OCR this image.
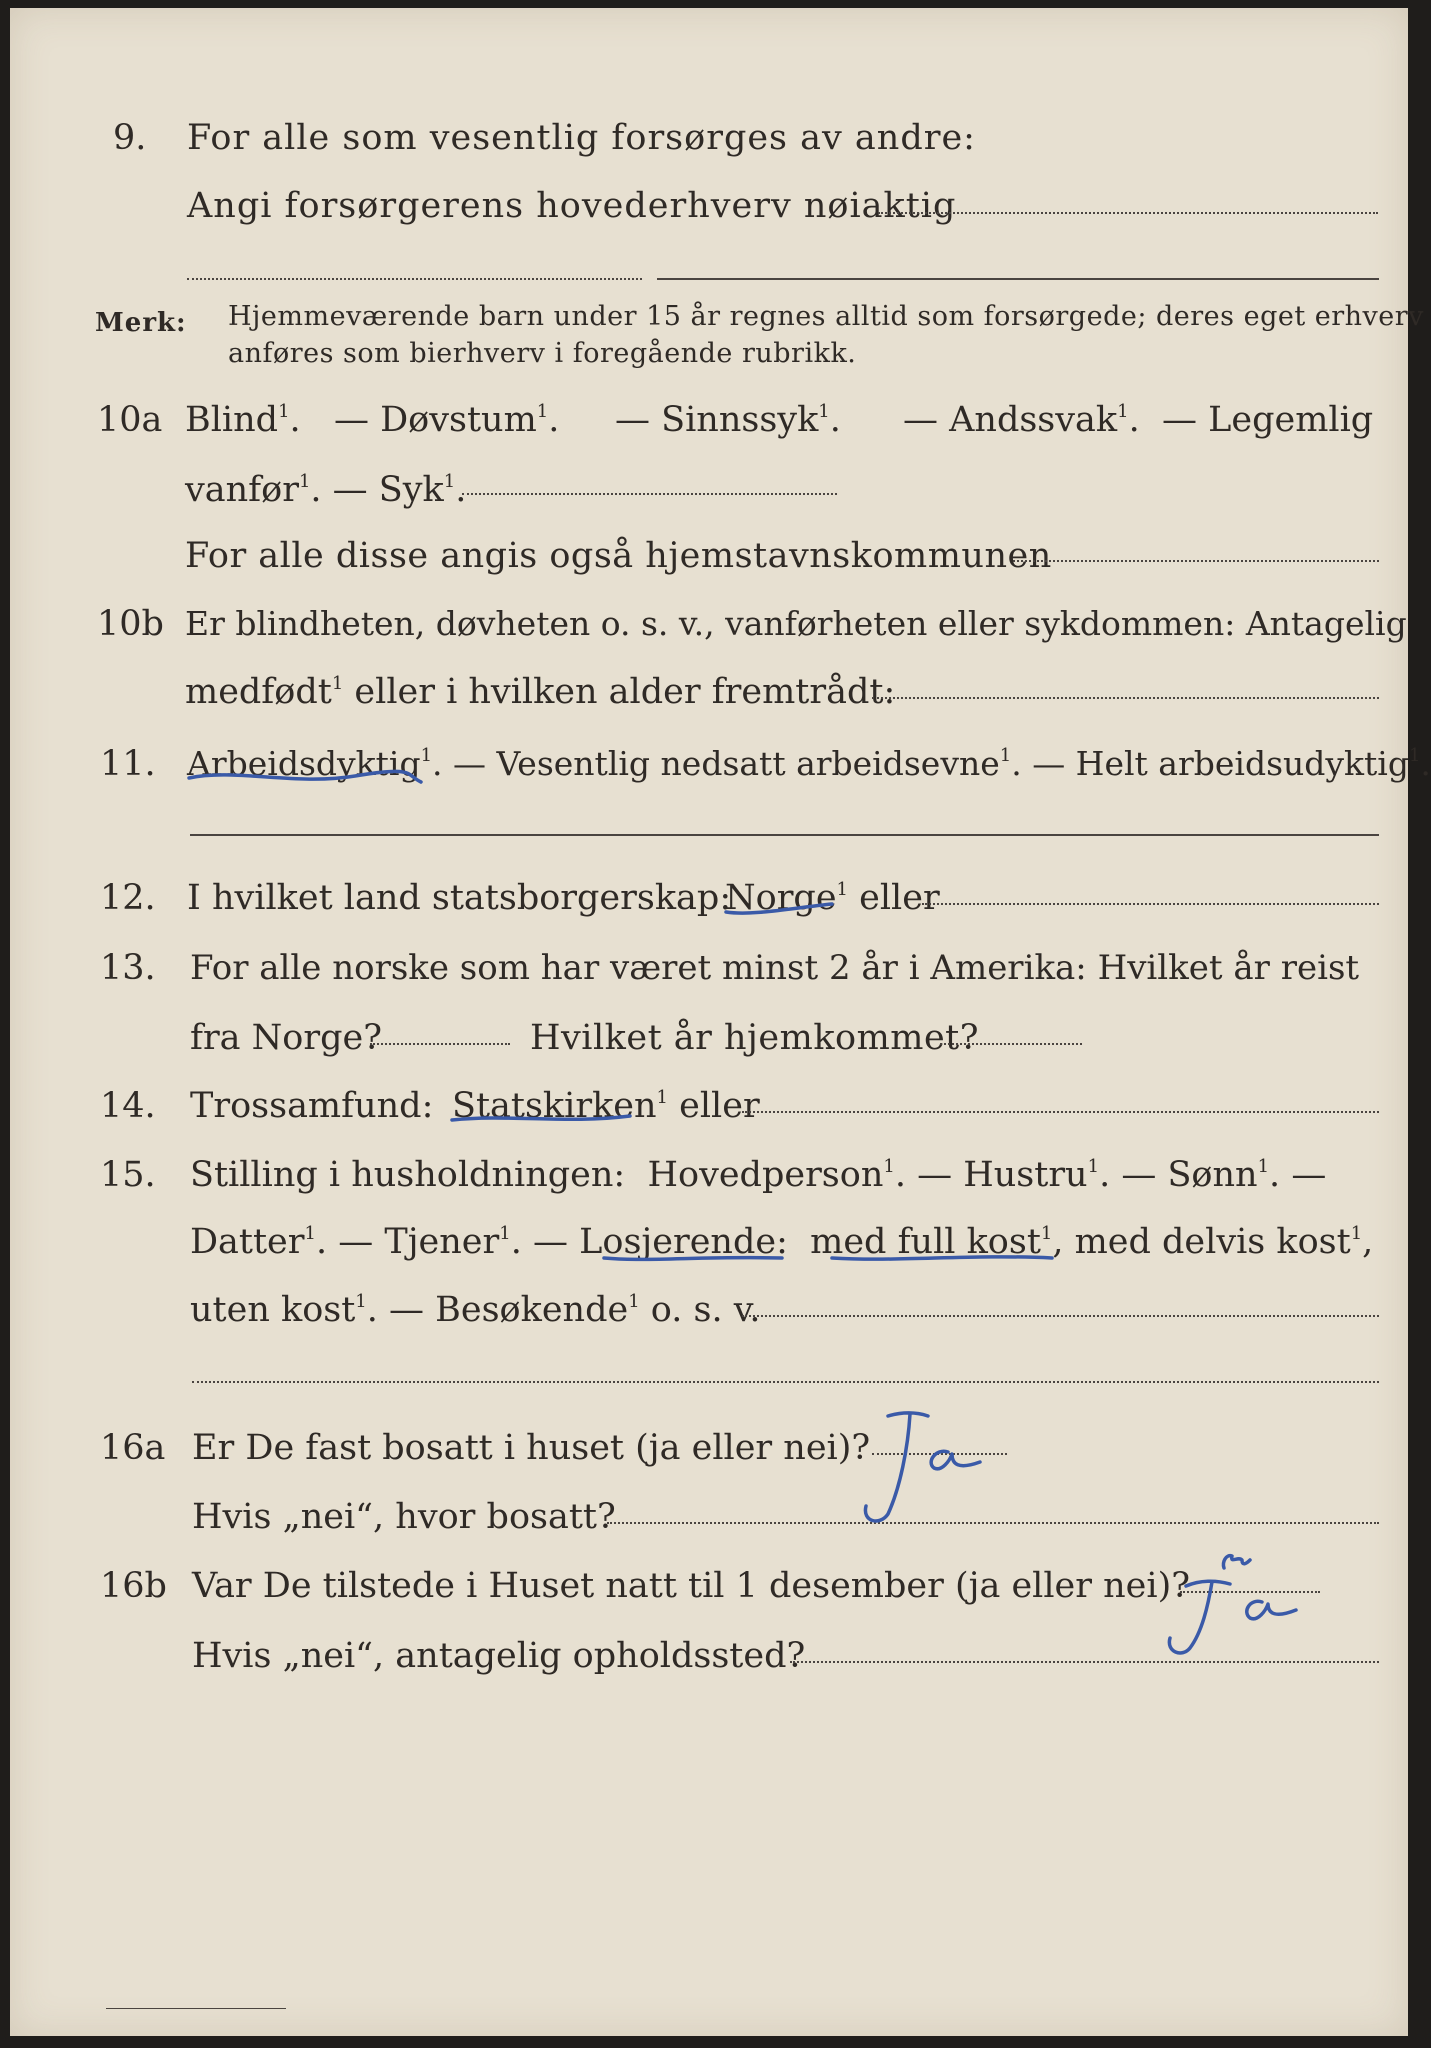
9. For alle som vesentlig forsørges av andre:
Angi forsørgerens hovederhverv nøiaktig
Merk: Hjemmeværende barn under 15 år regnes alltid som forsørgede; deres eget erhverv
anføres som bierhverv i foregående rubrikk.
10a Blind$^1$. — Døvstum$^1$. — Sinnssyk$^1$. — Andssvak$^1$. — Legemlig
vanfør$^1$. — Syk$^1$.
For alle disse angis også hjemstavnskommunen
10b Er blindheten, døvheten o. s. v., vanførheten eller sykdommen: Antagelig
medfødt$^1$ eller i hvilken alder fremtrådt:
11. Arbeidsdyktig$^1$. — Vesentlig nedsatt arbeidsevne$^1$. — Helt arbeidsudyktig$^1$.
12. I hvilket land statsborgerskap:
Norge$^1$ eller
13. For alle norske som har været minst 2 år i Amerika: Hvilket år reist
fra Norge?	Hvilket år hjemkommet?
14. Trossamfund: Statskirken$^1$ eller
15. Stilling i husholdningen: Hovedperson$^1$. — Hustru$^1$. — Sønn$^1$. —
Datter$^1$. — Tjener$^1$. — Losjerende: med full kost$^1$, med delvis kost$^1$,
uten kost$^1$. — Besøkende$^1$ o. s. v.
16a Er De fast bosatt i huset (ja eller nei)?
Hvis „nei“, hvor bosatt?
16b Var De tilstede i Huset natt til 1 desember (ja eller nei)?
Hvis „nei“, antagelig opholdssted?
